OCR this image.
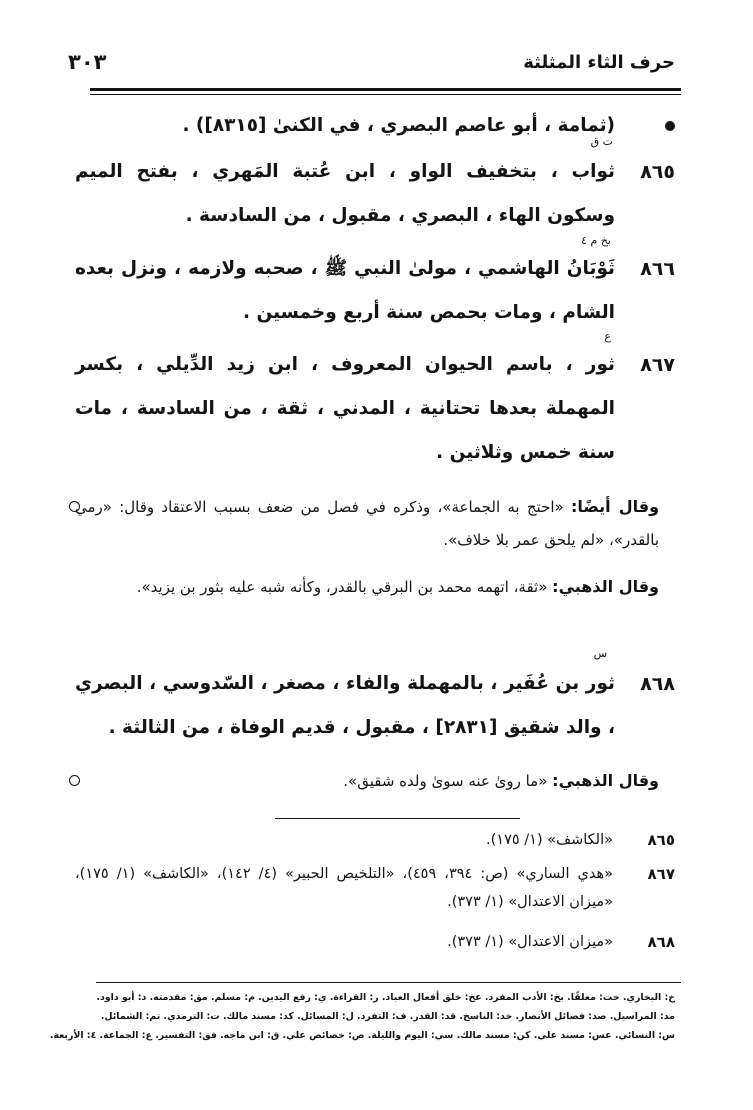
حرف الثاء المثلثة
٣٠٣
(ثمامة ، أبو عاصم البصري ، في الكنىٰ [٨٣١٥]) .
ت ق
٨٦٥
ثواب ، بتخفيف الواو ، ابن عُتبة المَهري ، بفتح الميم وسكون الهاء ، البصري ، مقبول ، من السادسة .
بخ م ٤
٨٦٦
ثَوْبَانُ الهاشمي ، مولىٰ النبي ﷺ ، صحبه ولازمه ، ونزل بعده الشام ، ومات بحمص سنة أربع وخمسين .
ع
٨٦٧
ثور ، باسم الحيوان المعروف ، ابن زيد الدِّيلي ، بكسر المهملة بعدها تحتانية ، المدني ، ثقة ، من السادسة ، مات سنة خمس وثلاثين .
وقال أيضًا: «احتج به الجماعة»، وذكره في فصل من ضعف بسبب الاعتقاد وقال: «رمي بالقدر»، «لم يلحق عمر بلا خلاف».
وقال الذهبي: «ثقة، اتهمه محمد بن البرقي بالقدر، وكأنه شبه عليه بثور بن يزيد».
س
٨٦٨
ثور بن عُفَير ، بالمهملة والفاء ، مصغر ، السّدوسي ، البصري ، والد شقيق [٢٨٣١] ، مقبول ، قديم الوفاة ، من الثالثة .
وقال الذهبي: «ما روىٰ عنه سوىٰ ولده شقيق».
٨٦٥
«الكاشف» (١/ ١٧٥).
٨٦٧
«هدي الساري» (ص: ٣٩٤، ٤٥٩)، «التلخيص الحبير» (٤/ ١٤٢)، «الكاشف» (١/ ١٧٥)، «ميزان الاعتدال» (١/ ٣٧٣).
٨٦٨
«ميزان الاعتدال» (١/ ٣٧٣).
خ: البخاري. خت: معلقًا. بخ: الأدب المفرد. عخ: خلق أفعال العباد. ر: القراءة. ي: رفع اليدين. م: مسلم. مق: مقدمته. د: أبو داود.
مد: المراسيل. صد: فضائل الأنصار. خد: الناسخ. قد: القدر. ف: التفرد. ل: المسائل. كد: مسند مالك. ت: الترمذي. تم: الشمائل.
س: النسائي. عس: مسند علي. كن: مسند مالك. سي: اليوم والليلة. ص: خصائص علي. ق: ابن ماجه. فق: التفسير. ع: الجماعة. ٤: الأربعة.
